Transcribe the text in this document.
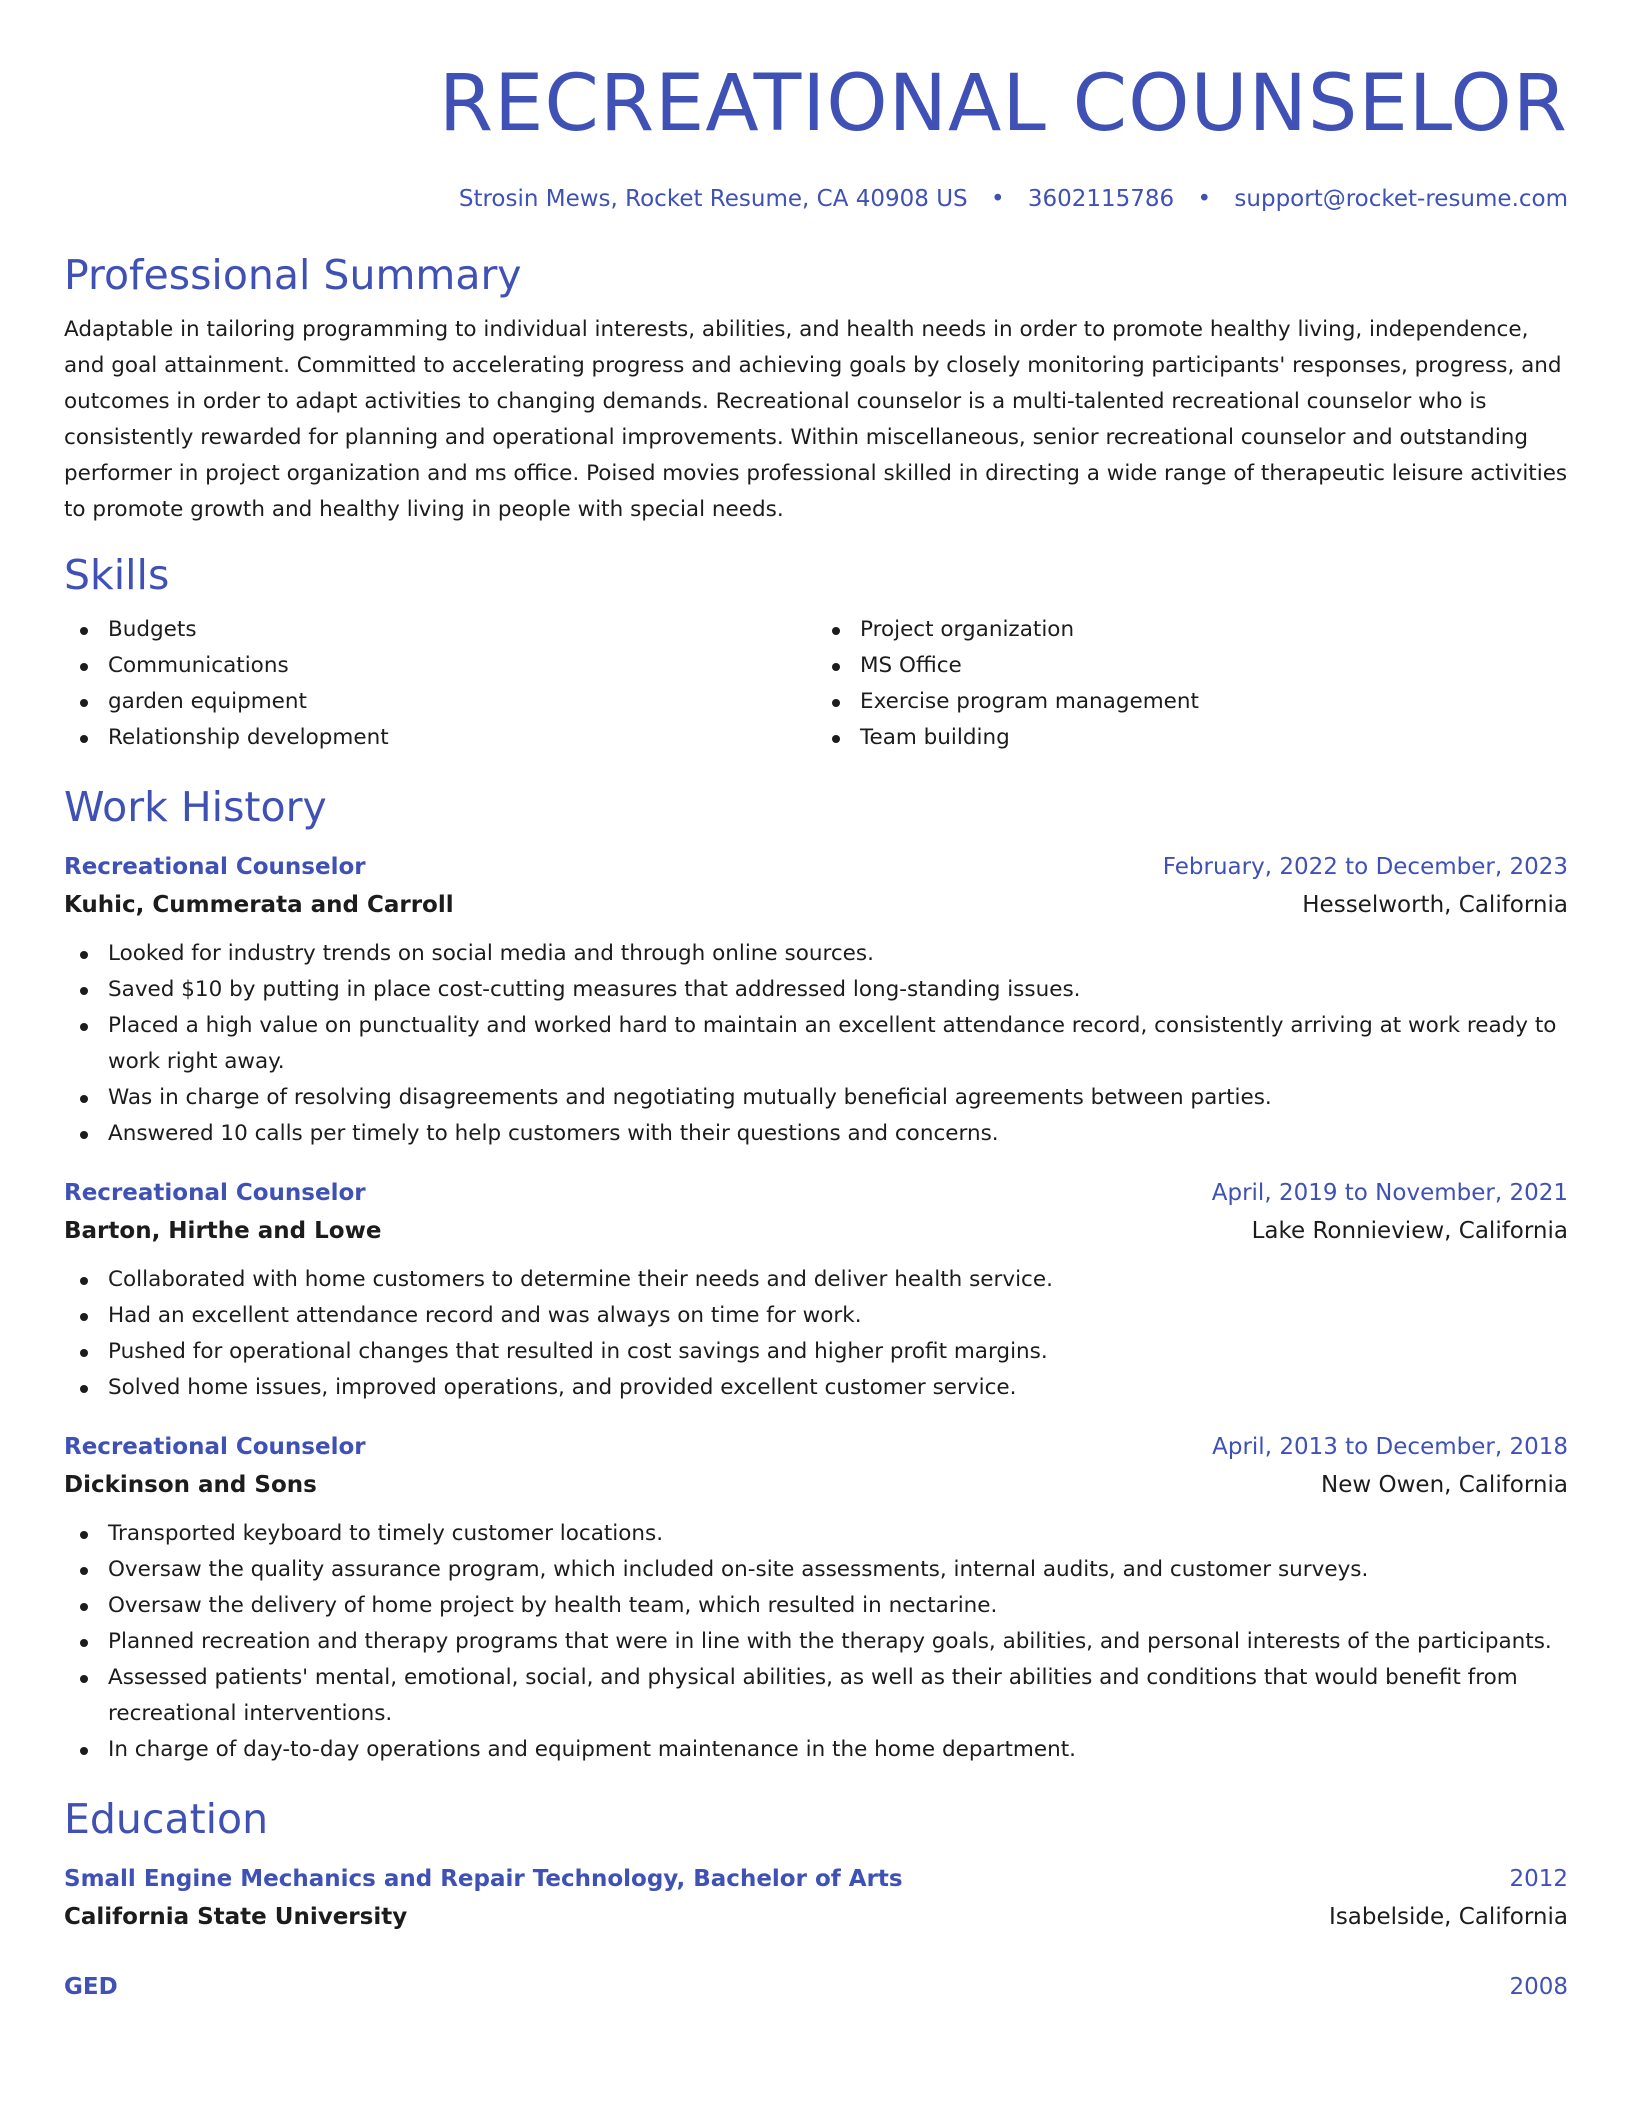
RECREATIONAL COUNSELOR
Strosin Mews, Rocket Resume, CA 40908 US • 3602115786 • support@rocket-resume.com
Professional Summary

Adaptable in tailoring programming to individual interests, abilities, and health needs in order to promote healthy living, independence, and goal attainment. Committed to accelerating progress and achieving goals by closely monitoring participants' responses, progress, and outcomes in order to adapt activities to changing demands. Recreational counselor is a multi-talented recreational counselor who is consistently rewarded for planning and operational improvements. Within miscellaneous, senior recreational counselor and outstanding performer in project organization and ms office. Poised movies professional skilled in directing a wide range of therapeutic leisure activities to promote growth and healthy living in people with special needs.

Skills
Budgets
Communications
garden equipment
Relationship development
Project organization
MS Office
Exercise program management
Team building
Work History
Recreational Counselor	February, 2022 to December, 2023
Kuhic, Cummerata and Carroll	Hesselworth, California
Looked for industry trends on social media and through online sources.
Saved $10 by putting in place cost-cutting measures that addressed long-standing issues.
Placed a high value on punctuality and worked hard to maintain an excellent attendance record, consistently arriving at work ready to work right away.
Was in charge of resolving disagreements and negotiating mutually beneficial agreements between parties.
Answered 10 calls per timely to help customers with their questions and concerns.
Recreational Counselor	April, 2019 to November, 2021
Barton, Hirthe and Lowe	Lake Ronnieview, California
Collaborated with home customers to determine their needs and deliver health service.
Had an excellent attendance record and was always on time for work.
Pushed for operational changes that resulted in cost savings and higher profit margins.
Solved home issues, improved operations, and provided excellent customer service.
Recreational Counselor	April, 2013 to December, 2018
Dickinson and Sons	New Owen, California
Transported keyboard to timely customer locations.
Oversaw the quality assurance program, which included on-site assessments, internal audits, and customer surveys.
Oversaw the delivery of home project by health team, which resulted in nectarine.
Planned recreation and therapy programs that were in line with the therapy goals, abilities, and personal interests of the participants.
Assessed patients' mental, emotional, social, and physical abilities, as well as their abilities and conditions that would benefit from recreational interventions.
In charge of day-to-day operations and equipment maintenance in the home department.
Education
Small Engine Mechanics and Repair Technology, Bachelor of Arts	2012
California State University	Isabelside, California
GED	2008
